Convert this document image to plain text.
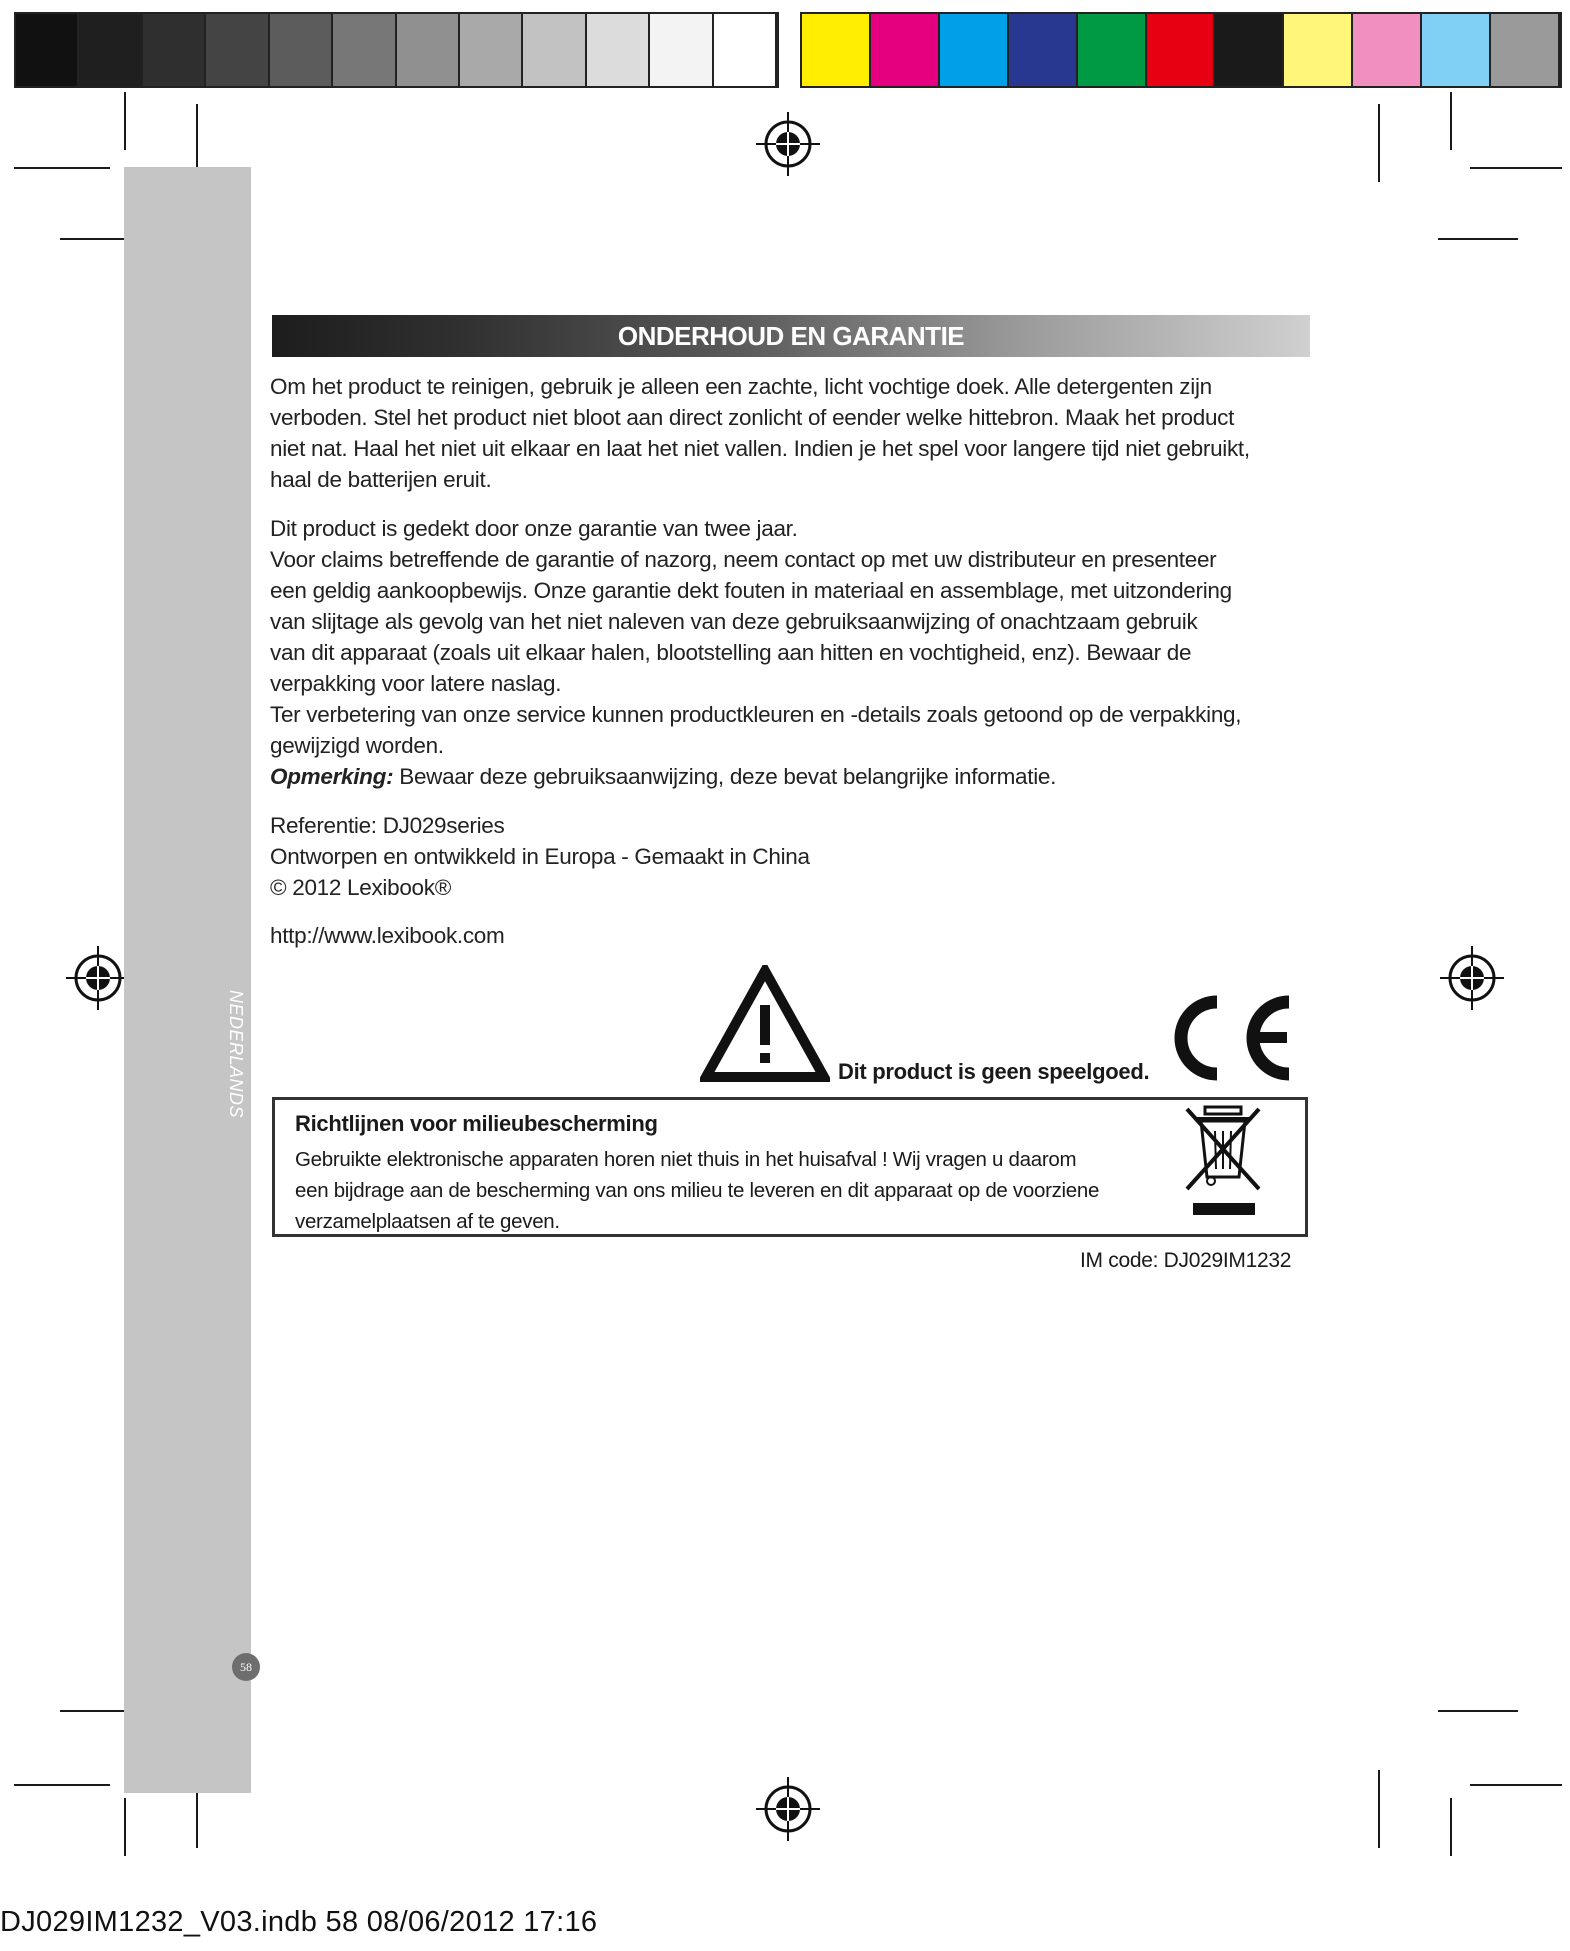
NEDERLANDS
58
ONDERHOUD EN GARANTIE
Om het product te reinigen, gebruik je alleen een zachte, licht vochtige doek. Alle detergenten zijn
verboden. Stel het product niet bloot aan direct zonlicht of eender welke hittebron. Maak het product
niet nat. Haal het niet uit elkaar en laat het niet vallen. Indien je het spel voor langere tijd niet gebruikt,
haal de batterijen eruit.
Dit product is gedekt door onze garantie van twee jaar.
Voor claims betreffende de garantie of nazorg, neem contact op met uw distributeur en presenteer
een geldig aankoopbewijs. Onze garantie dekt fouten in materiaal en assemblage, met uitzondering
van slijtage als gevolg van het niet naleven van deze gebruiksaanwijzing of onachtzaam gebruik
van dit apparaat (zoals uit elkaar halen, blootstelling aan hitten en vochtigheid, enz). Bewaar de
verpakking voor latere naslag.
Ter verbetering van onze service kunnen productkleuren en -details zoals getoond op de verpakking,
gewijzigd worden.
Opmerking: Bewaar deze gebruiksaanwijzing, deze bevat belangrijke informatie.
Referentie: DJ029series
Ontworpen en ontwikkeld in Europa - Gemaakt in China
© 2012 Lexibook®
http://www.lexibook.com
Dit product is geen speelgoed.
Richtlijnen voor milieubescherming
Gebruikte elektronische apparaten horen niet thuis in het huisafval ! Wij vragen u daarom
een bijdrage aan de bescherming van ons milieu te leveren en dit apparaat op de voorziene
verzamelplaatsen af te geven.
IM code: DJ029IM1232
DJ029IM1232_V03.indb 58 08/06/2012 17:16
